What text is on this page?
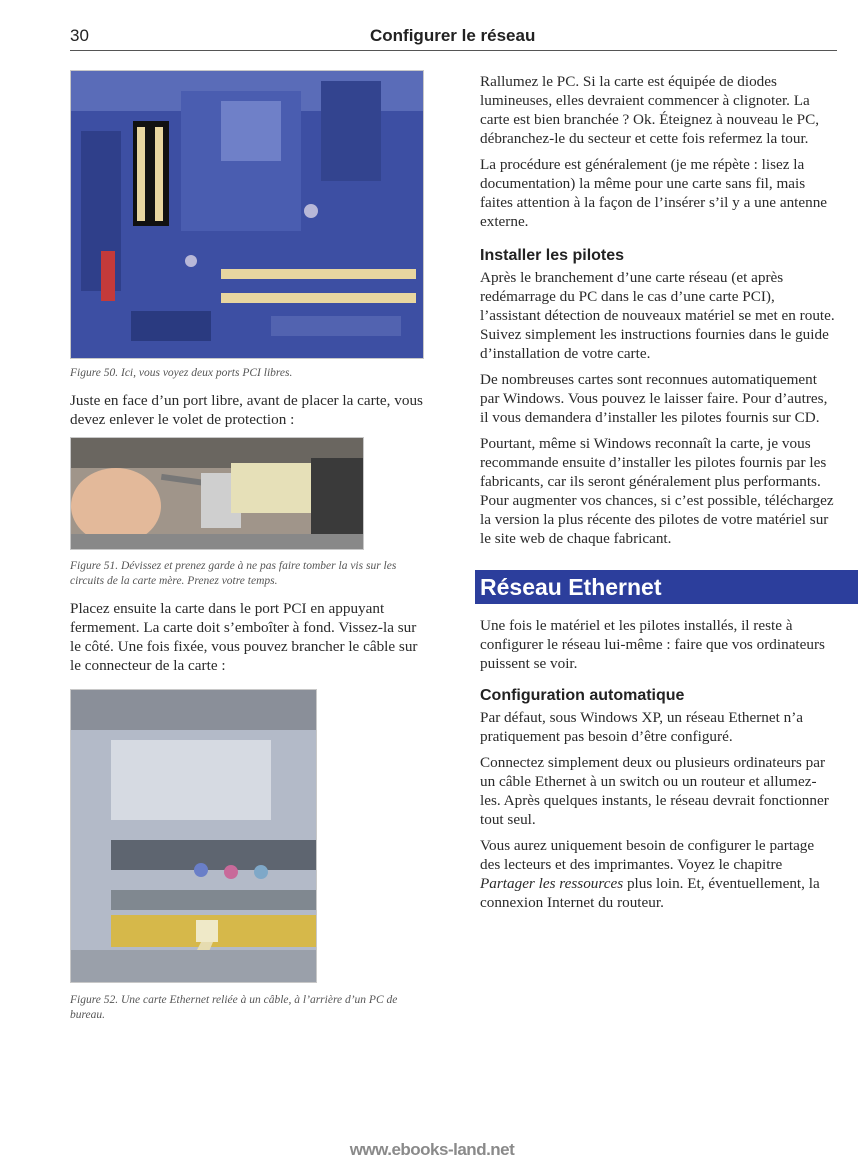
30	Configurer le réseau

Figure 50. Ici, vous voyez deux ports PCI libres.

Juste en face d’un port libre, avant de placer la carte, vous devez enlever le volet de protection :

Figure 51. Dévissez et prenez garde à ne pas faire tomber la vis sur les circuits de la carte mère. Prenez votre temps.

Placez ensuite la carte dans le port PCI en appuyant fermement. La carte doit s’emboîter à fond. Vissez-la sur le côté. Une fois fixée, vous pouvez brancher le câble sur le connecteur de la carte :

Figure 52. Une carte Ethernet reliée à un câble, à l’arrière d’un PC de bureau.

Rallumez le PC. Si la carte est équipée de diodes lumineuses, elles devraient commencer à clignoter. La carte est bien branchée ? Ok. Éteignez à nouveau le PC, débranchez-le du secteur et cette fois refermez la tour.

La procédure est généralement (je me répète : lisez la documentation) la même pour une carte sans fil, mais faites attention à la façon de l’insérer s’il y a une antenne externe.

Installer les pilotes

Après le branchement d’une carte réseau (et après redémarrage du PC dans le cas d’une carte PCI), l’assistant détection de nouveaux matériel se met en route. Suivez simplement les instructions fournies dans le guide d’installation de votre carte.

De nombreuses cartes sont reconnues automatiquement par Windows. Vous pouvez le laisser faire. Pour d’autres, il vous demandera d’installer les pilotes fournis sur CD.

Pourtant, même si Windows reconnaît la carte, je vous recommande ensuite d’installer les pilotes fournis par les fabricants, car ils seront généralement plus performants. Pour augmenter vos chances, si c’est possible, téléchargez la version la plus récente des pilotes de votre matériel sur le site web de chaque fabricant.

Réseau Ethernet

Une fois le matériel et les pilotes installés, il reste à configurer le réseau lui-même : faire que vos ordinateurs puissent se voir.

Configuration automatique

Par défaut, sous Windows XP, un réseau Ethernet n’a pratiquement pas besoin d’être configuré.

Connectez simplement deux ou plusieurs ordinateurs par un câble Ethernet à un switch ou un routeur et allumez-les. Après quelques instants, le réseau devrait fonctionner tout seul.

Vous aurez uniquement besoin de configurer le partage des lecteurs et des imprimantes. Voyez le chapitre Partager les ressources plus loin. Et, éventuellement, la connexion Internet du routeur.

www.ebooks-land.net
